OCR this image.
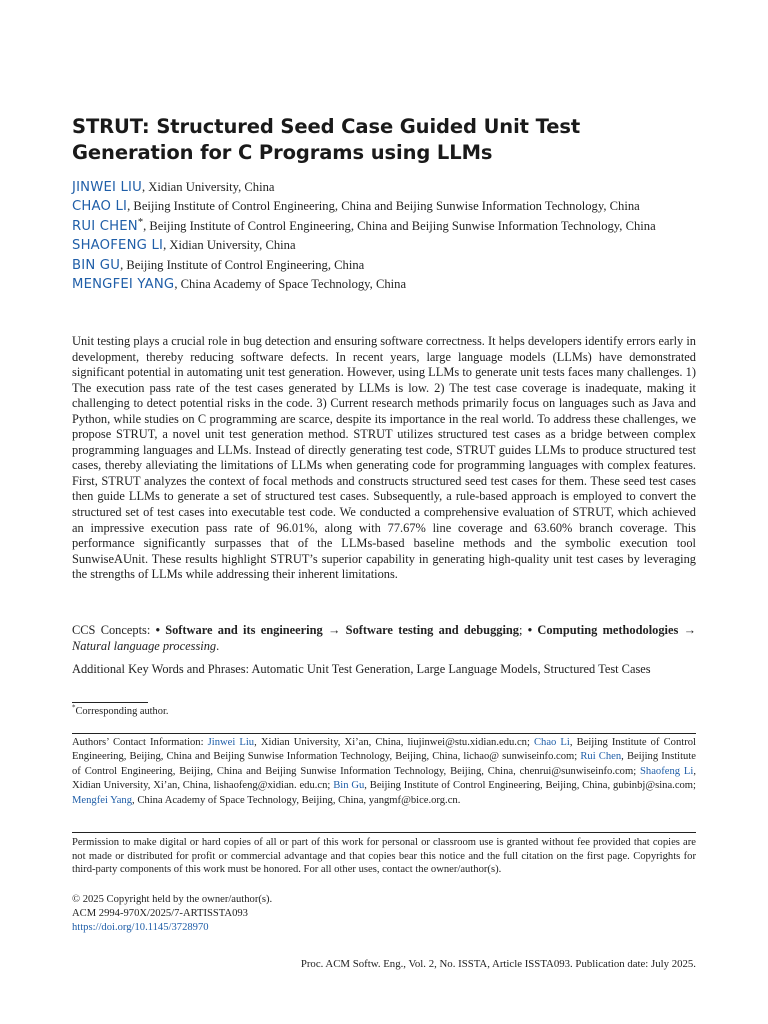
STRUT: Structured Seed Case Guided Unit Test Generation for C Programs using LLMs
JINWEI LIU, Xidian University, China
CHAO LI, Beijing Institute of Control Engineering, China and Beijing Sunwise Information Technology, China
RUI CHEN*, Beijing Institute of Control Engineering, China and Beijing Sunwise Information Technology, China
SHAOFENG LI, Xidian University, China
BIN GU, Beijing Institute of Control Engineering, China
MENGFEI YANG, China Academy of Space Technology, China

Unit testing plays a crucial role in bug detection and ensuring software correctness. It helps developers identify errors early in development, thereby reducing software defects. In recent years, large language models (LLMs) have demonstrated significant potential in automating unit test generation. However, using LLMs to generate unit tests faces many challenges. 1) The execution pass rate of the test cases generated by LLMs is low. 2) The test case coverage is inadequate, making it challenging to detect potential risks in the code. 3) Current research methods primarily focus on languages such as Java and Python, while studies on C programming are scarce, despite its importance in the real world. To address these challenges, we propose STRUT, a novel unit test generation method. STRUT utilizes structured test cases as a bridge between complex programming languages and LLMs. Instead of directly generating test code, STRUT guides LLMs to produce structured test cases, thereby alleviating the limitations of LLMs when generating code for programming languages with complex features. First, STRUT analyzes the context of focal methods and constructs structured seed test cases for them. These seed test cases then guide LLMs to generate a set of structured test cases. Subsequently, a rule-based approach is employed to convert the structured set of test cases into executable test code. We conducted a comprehensive evaluation of STRUT, which achieved an impressive execution pass rate of 96.01%, along with 77.67% line coverage and 63.60% branch coverage. This performance significantly surpasses that of the LLMs-based baseline methods and the symbolic execution tool SunwiseAUnit. These results highlight STRUT’s superior capability in generating high-quality unit test cases by leveraging the strengths of LLMs while addressing their inherent limitations.

CCS Concepts: • Software and its engineering → Software testing and debugging; • Computing methodologies → Natural language processing.

Additional Key Words and Phrases: Automatic Unit Test Generation, Large Language Models, Structured Test Cases

*Corresponding author.

Authors’ Contact Information: Jinwei Liu, Xidian University, Xi’an, China, liujinwei@stu.xidian.edu.cn; Chao Li, Beijing Institute of Control Engineering, Beijing, China and Beijing Sunwise Information Technology, Beijing, China, lichao@ sunwiseinfo.com; Rui Chen, Beijing Institute of Control Engineering, Beijing, China and Beijing Sunwise Information Technology, Beijing, China, chenrui@sunwiseinfo.com; Shaofeng Li, Xidian University, Xi’an, China, lishaofeng@xidian. edu.cn; Bin Gu, Beijing Institute of Control Engineering, Beijing, China, gubinbj@sina.com; Mengfei Yang, China Academy of Space Technology, Beijing, China, yangmf@bice.org.cn.

Permission to make digital or hard copies of all or part of this work for personal or classroom use is granted without fee provided that copies are not made or distributed for profit or commercial advantage and that copies bear this notice and the full citation on the first page. Copyrights for third-party components of this work must be honored. For all other uses, contact the owner/author(s).

© 2025 Copyright held by the owner/author(s).
ACM 2994-970X/2025/7-ARTISSTA093
https://doi.org/10.1145/3728970
Proc. ACM Softw. Eng., Vol. 2, No. ISSTA, Article ISSTA093. Publication date: July 2025.
